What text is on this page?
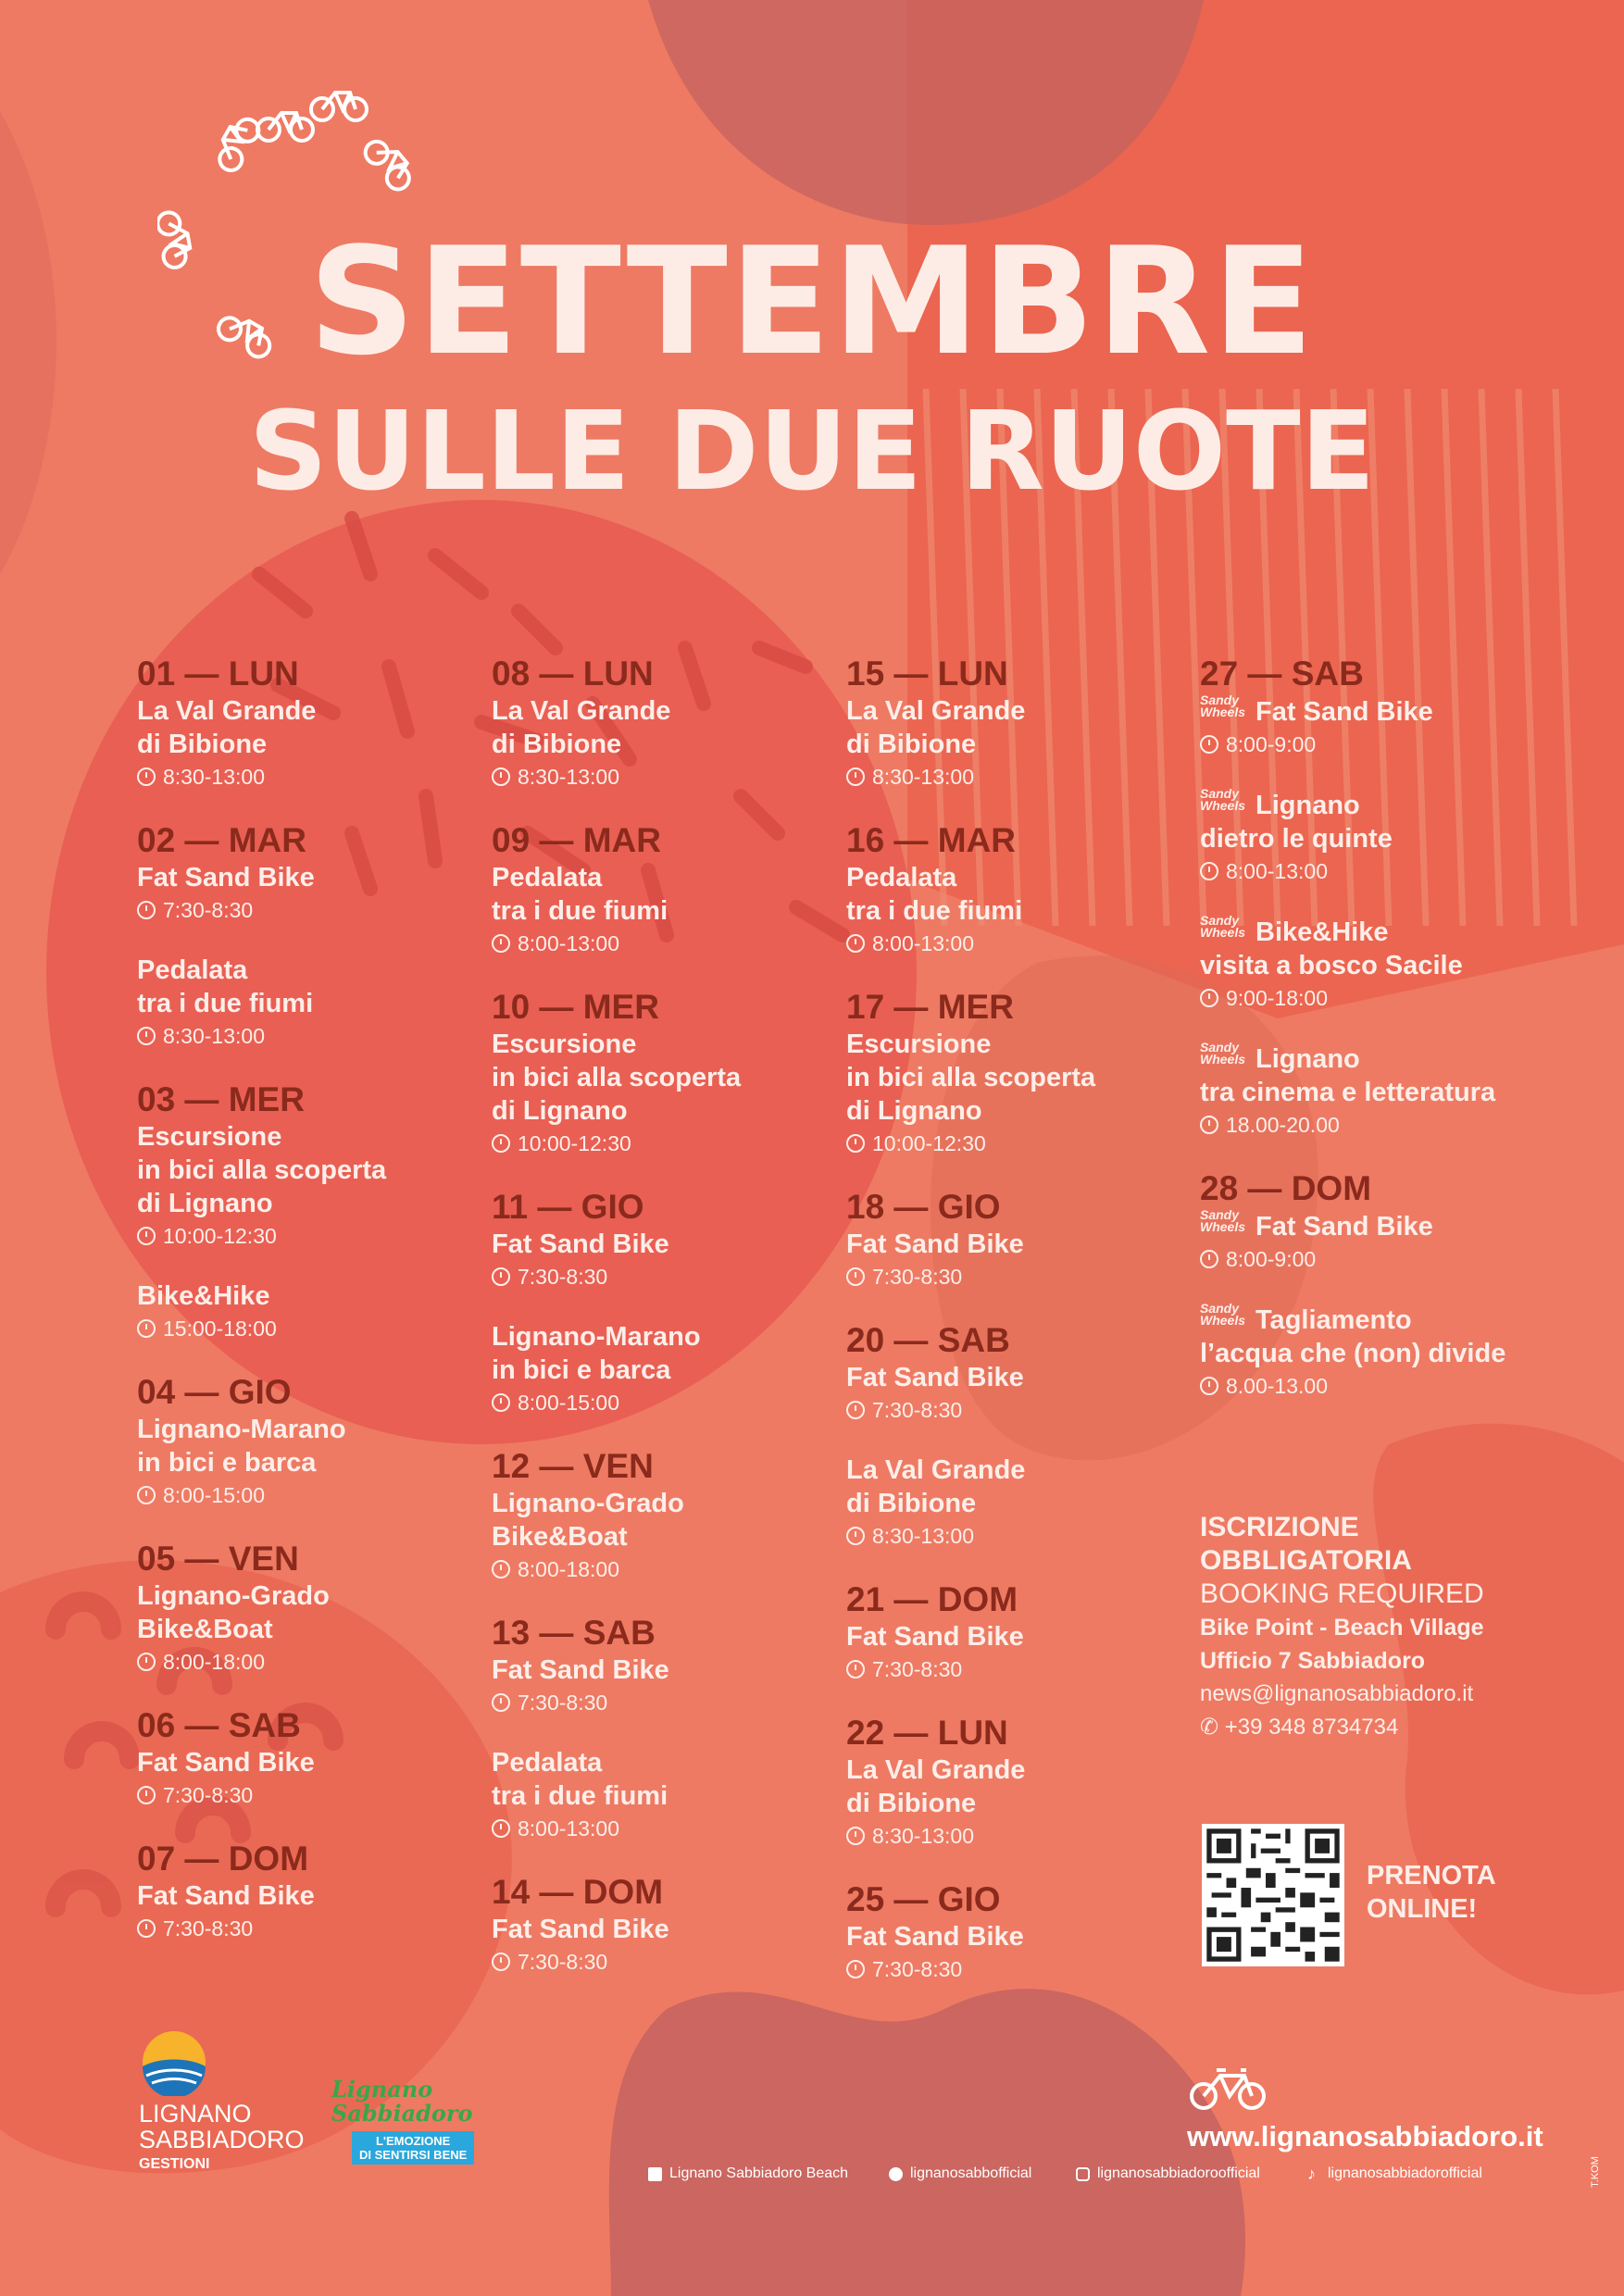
SETTEMBRE
SULLE DUE RUOTE
01 — LUN
La Val Grande
di Bibione
8:30-13:00
02 — MAR
Fat Sand Bike
7:30-8:30
Pedalata
tra i due fiumi
8:30-13:00
03 — MER
Escursione
in bici alla scoperta
di Lignano
10:00-12:30
Bike&Hike
15:00-18:00
04 — GIO
Lignano-Marano
in bici e barca
8:00-15:00
05 — VEN
Lignano-Grado
Bike&Boat
8:00-18:00
06 — SAB
Fat Sand Bike
7:30-8:30
07 — DOM
Fat Sand Bike
7:30-8:30
08 — LUN
La Val Grande
di Bibione
8:30-13:00
09 — MAR
Pedalata
tra i due fiumi
8:00-13:00
10 — MER
Escursione
in bici alla scoperta
di Lignano
10:00-12:30
11 — GIO
Fat Sand Bike
7:30-8:30
Lignano-Marano
in bici e barca
8:00-15:00
12 — VEN
Lignano-Grado
Bike&Boat
8:00-18:00
13 — SAB
Fat Sand Bike
7:30-8:30
Pedalata
tra i due fiumi
8:00-13:00
14 — DOM
Fat Sand Bike
7:30-8:30
15 — LUN
La Val Grande
di Bibione
8:30-13:00
16 — MAR
Pedalata
tra i due fiumi
8:00-13:00
17 — MER
Escursione
in bici alla scoperta
di Lignano
10:00-12:30
18 — GIO
Fat Sand Bike
7:30-8:30
20 — SAB
Fat Sand Bike
7:30-8:30
La Val Grande
di Bibione
8:30-13:00
21 — DOM
Fat Sand Bike
7:30-8:30
22 — LUN
La Val Grande
di Bibione
8:30-13:00
25 — GIO
Fat Sand Bike
7:30-8:30
27 — SAB
Sandy Wheels Fat Sand Bike
8:00-9:00
Sandy Wheels Lignano
dietro le quinte
8:00-13:00
Sandy Wheels Bike&Hike
visita a bosco Sacile
9:00-18:00
Sandy Wheels Lignano
tra cinema e letteratura
18.00-20.00
28 — DOM
Sandy Wheels Fat Sand Bike
8:00-9:00
Sandy Wheels Tagliamento
l’acqua che (non) divide
8.00-13.00
ISCRIZIONE
OBBLIGATORIA
BOOKING REQUIRED
Bike Point - Beach Village
Ufficio 7 Sabbiadoro
news@lignanosabbiadoro.it
✆ +39 348 8734734
PRENOTA
ONLINE!
LIGNANO
SABBIADORO
GESTIONI
Lignano Sabbiadoro
L'EMOZIONE
DI SENTIRSI BENE
www.lignanosabbiadoro.it
Lignano Sabbiadoro Beach	lignanosabbofficial	lignanosabbiadoroofficial	♪ lignanosabbiadorofficial	T.KOM
